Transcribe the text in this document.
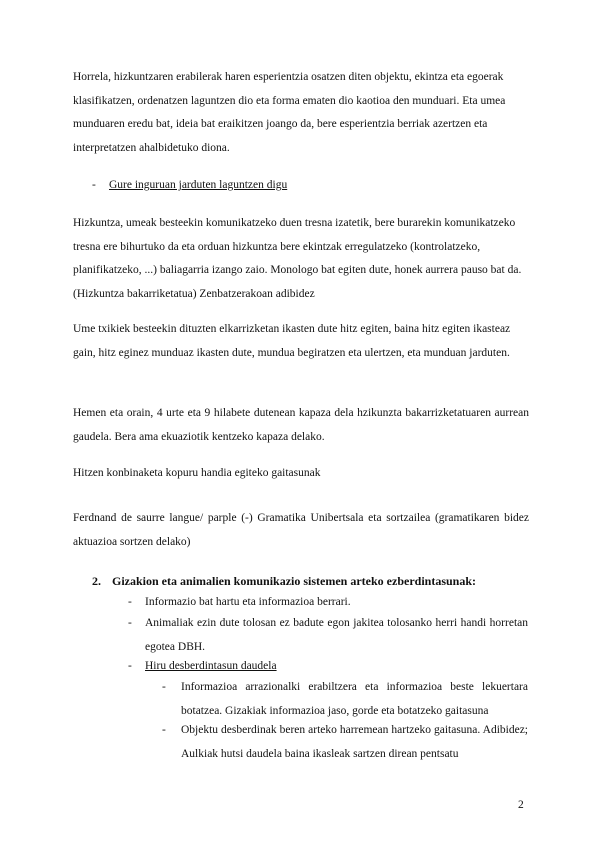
Horrela, hizkuntzaren erabilerak haren esperientzia osatzen diten objektu, ekintza eta egoerak klasifikatzen, ordenatzen laguntzen dio eta forma ematen dio kaotioa den munduari. Eta umea munduaren eredu bat, ideia bat eraikitzen joango da, bere esperientzia berriak azertzen eta interpretatzen ahalbidetuko diona.

- Gure inguruan jarduten laguntzen digu

Hizkuntza, umeak besteekin komunikatzeko duen tresna izatetik, bere burarekin komunikatzeko tresna ere bihurtuko da eta orduan hizkuntza bere ekintzak erregulatzeko (kontrolatzeko, planifikatzeko, ...) baliagarria izango zaio. Monologo bat egiten dute, honek aurrera pauso bat da. (Hizkuntza bakarriketatua) Zenbatzerakoan adibidez

Ume txikiek besteekin dituzten elkarrizketan ikasten dute hitz egiten, baina hitz egiten ikasteaz gain, hitz eginez munduaz ikasten dute, mundua begiratzen eta ulertzen, eta munduan jarduten.

Hemen eta orain, 4 urte eta 9 hilabete dutenean kapaza dela hzikunzta bakarrizketatuaren aurrean gaudela. Bera ama ekuaziotik kentzeko kapaza delako.

Hitzen konbinaketa kopuru handia egiteko gaitasunak

Ferdnand de saurre langue/ parple (-) Gramatika Unibertsala eta sortzailea (gramatikaren bidez aktuazioa sortzen delako)

2. Gizakion eta animalien komunikazio sistemen arteko ezberdintasunak:
- Informazio bat hartu eta informazioa berrari.
- Animaliak ezin dute tolosan ez badute egon jakitea tolosanko herri handi horretan egotea DBH.
- Hiru desberdintasun daudela
- Informazioa arrazionalki erabiltzera eta informazioa beste lekuertara botatzea. Gizakiak informazioa jaso, gorde eta botatzeko gaitasuna
- Objektu desberdinak beren arteko harremean hartzeko gaitasuna. Adibidez; Aulkiak hutsi daudela baina ikasleak sartzen direan pentsatu
2
